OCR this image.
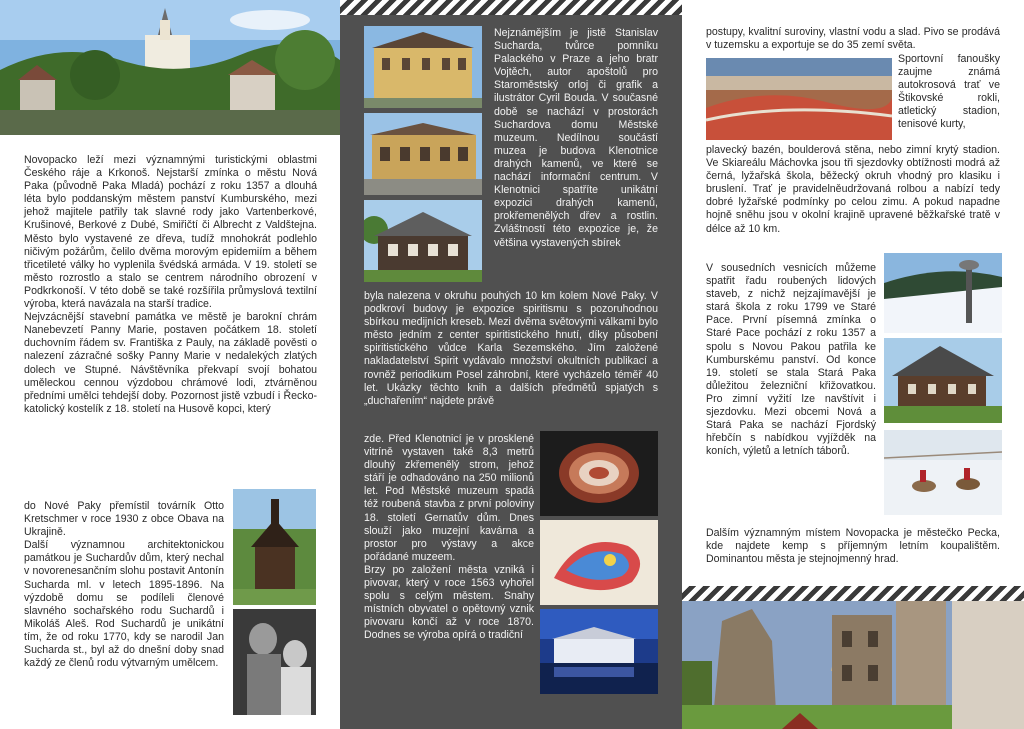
Novopacko leží mezi významnými turistickými oblastmi Českého ráje a Krkonoš. Nejstarší zmínka o městu Nová Paka (původně Paka Mladá) pochází z roku 1357 a dlouhá léta bylo poddanským městem panství Kumburského, mezi jehož majitele patřily tak slavné rody jako Vartenberkové, Krušinové, Berkové z Dubé, Smiřičtí či Albrecht z Valdštejna. Město bylo vystavené ze dřeva, tudíž mnohokrát podlehlo ničivým požárům, čelilo dvěma morovým epidemiím a během třicetileté války ho vyplenila švédská armáda. V 19. století se město rozrostlo a stalo se centrem národního obrození v Podkrkonoší. V této době se také rozšířila průmyslová textilní výroba, která navázala na starší tradice.

Nejvzácnější stavební památka ve městě je barokní chrám Nanebevzetí Panny Marie, postaven počátkem 18. století duchovním řádem sv. Františka z Pauly, na základě pověsti o nalezení zázračné sošky Panny Marie v nedalekých zlatých dolech ve Stupné. Návštěvníka překvapí svojí bohatou uměleckou cennou výzdobou chrámové lodi, ztvárněnou předními umělci tehdejší doby. Pozornost jistě vzbudí i Řecko-katolický kostelík z 18. století na Husově kopci, který

do Nové Paky přemístil továrník Otto Kretschmer v roce 1930 z obce Obava na Ukrajině.

Další významnou architektonickou památkou je Suchardův dům, který nechal v novorenesančním slohu postavit Antonín Sucharda ml. v letech 1895-1896. Na výzdobě domu se podíleli členové slavného sochařského rodu Suchardů i Mikoláš Aleš. Rod Suchardů je unikátní tím, že od roku 1770, kdy se narodil Jan Sucharda st., byl až do dnešní doby snad každý ze členů rodu výtvarným umělcem.

Nejznámějším je jistě Stanislav Sucharda, tvůrce pomníku Palackého v Praze a jeho bratr Vojtěch, autor apoštolů pro Staroměstský orloj či grafik a ilustrátor Cyril Bouda. V současné době se nachází v prostorách Suchardova domu Městské muzeum. Nedílnou součástí muzea je budova Klenotnice drahých kamenů, ve které se nachází informační centrum. V Klenotnici spatříte unikátní expozici drahých kamenů, prokřemenělých dřev a rostlin. Zvláštností této expozice je, že většina vystavených sbírek

byla nalezena v okruhu pouhých 10 km kolem Nové Paky. V podkroví budovy je expozice spiritismu s pozoruhodnou sbírkou medijních kreseb. Mezi dvěma světovými válkami bylo město jedním z center spiritistického hnutí, díky působení spiritistického vůdce Karla Sezemského. Jím založené nakladatelství Spirit vydávalo množství okultních publikací a rovněž periodikum Posel záhrobní, které vycházelo téměř 40 let. Ukázky těchto knih a dalších předmětů spjatých s „duchařením“ najdete právě

zde. Před Klenotnicí je v prosklené vitríně vystaven také 8,3 metrů dlouhý zkřemenělý strom, jehož stáří je odhadováno na 250 milionů let. Pod Městské muzeum spadá též roubená stavba z první poloviny 18. století Gernatův dům. Dnes slouží jako muzejní kavárna a prostor pro výstavy a akce pořádané muzeem.

Brzy po založení města vzniká i pivovar, který v roce 1563 vyhořel spolu s celým městem. Snahy místních obyvatel o opětovný vznik pivovaru končí až v roce 1870. Dodnes se výroba opírá o tradiční

postupy, kvalitní suroviny, vlastní vodu a slad. Pivo se prodává v tuzemsku a exportuje se do 35 zemí světa.

Sportovní fanoušky zaujme známá autokrosová trať ve Štikovské rokli, atletický stadion, tenisové kurty,

plavecký bazén, boulderová stěna, nebo zimní krytý stadion. Ve Skiareálu Máchovka jsou tři sjezdovky obtížnosti modrá až černá, lyžařská škola, běžecký okruh vhodný pro klasiku i bruslení. Trať je pravidelněudržovaná rolbou a nabízí tedy dobré lyžařské podmínky po celou zimu. A pokud napadne hojně sněhu jsou v okolní krajině upravené běžkařské tratě v délce až 10 km.

V sousedních vesnicích můžeme spatřit řadu roubených lidových staveb, z nichž nejzajímavější je stará škola z roku 1799 ve Staré Pace. První písemná zmínka o Staré Pace pochází z roku 1357 a spolu s Novou Pakou patřila ke Kumburskému panství. Od konce 19. století se stala Stará Paka důležitou železniční křižovatkou. Pro zimní vyžití lze navštívit i sjezdovku. Mezi obcemi Nová a Stará Paka se nachází Fjordský hřebčín s nabídkou vyjížděk na koních, výletů a letních táborů.

Dalším významným místem Novopacka je městečko Pecka, kde najdete kemp s příjemným letním koupalištěm. Dominantou města je stejnojmenný hrad.
